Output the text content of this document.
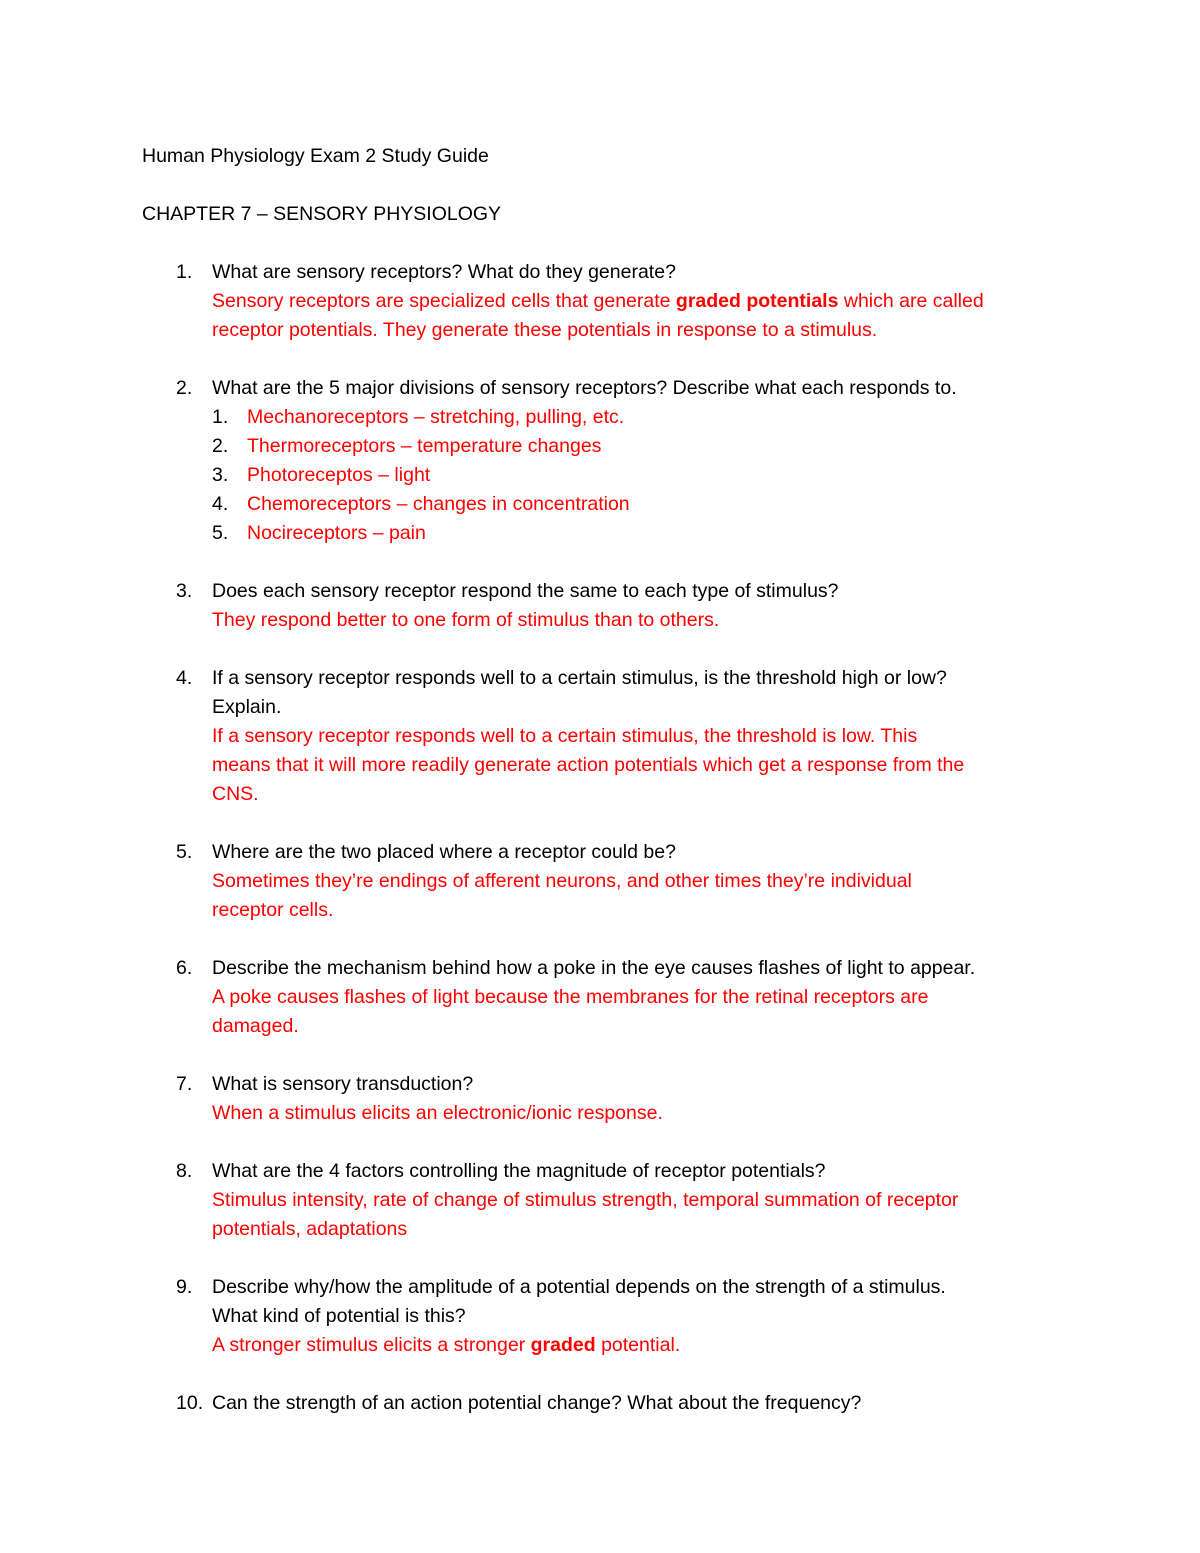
Human Physiology Exam 2 Study Guide
CHAPTER 7 – SENSORY PHYSIOLOGY
1. What are sensory receptors? What do they generate?
Sensory receptors are specialized cells that generate graded potentials which are called
receptor potentials. They generate these potentials in response to a stimulus.
2. What are the 5 major divisions of sensory receptors? Describe what each responds to.
1. Mechanoreceptors – stretching, pulling, etc.
2. Thermoreceptors – temperature changes
3. Photoreceptos – light
4. Chemoreceptors – changes in concentration
5. Nocireceptors – pain
3. Does each sensory receptor respond the same to each type of stimulus?
They respond better to one form of stimulus than to others.
4. If a sensory receptor responds well to a certain stimulus, is the threshold high or low?
Explain.
If a sensory receptor responds well to a certain stimulus, the threshold is low. This
means that it will more readily generate action potentials which get a response from the
CNS.
5. Where are the two placed where a receptor could be?
Sometimes they’re endings of afferent neurons, and other times they’re individual
receptor cells.
6. Describe the mechanism behind how a poke in the eye causes flashes of light to appear.
A poke causes flashes of light because the membranes for the retinal receptors are
damaged.
7. What is sensory transduction?
When a stimulus elicits an electronic/ionic response.
8. What are the 4 factors controlling the magnitude of receptor potentials?
Stimulus intensity, rate of change of stimulus strength, temporal summation of receptor
potentials, adaptations
9. Describe why/how the amplitude of a potential depends on the strength of a stimulus.
What kind of potential is this?
A stronger stimulus elicits a stronger graded potential.
10. Can the strength of an action potential change? What about the frequency?
